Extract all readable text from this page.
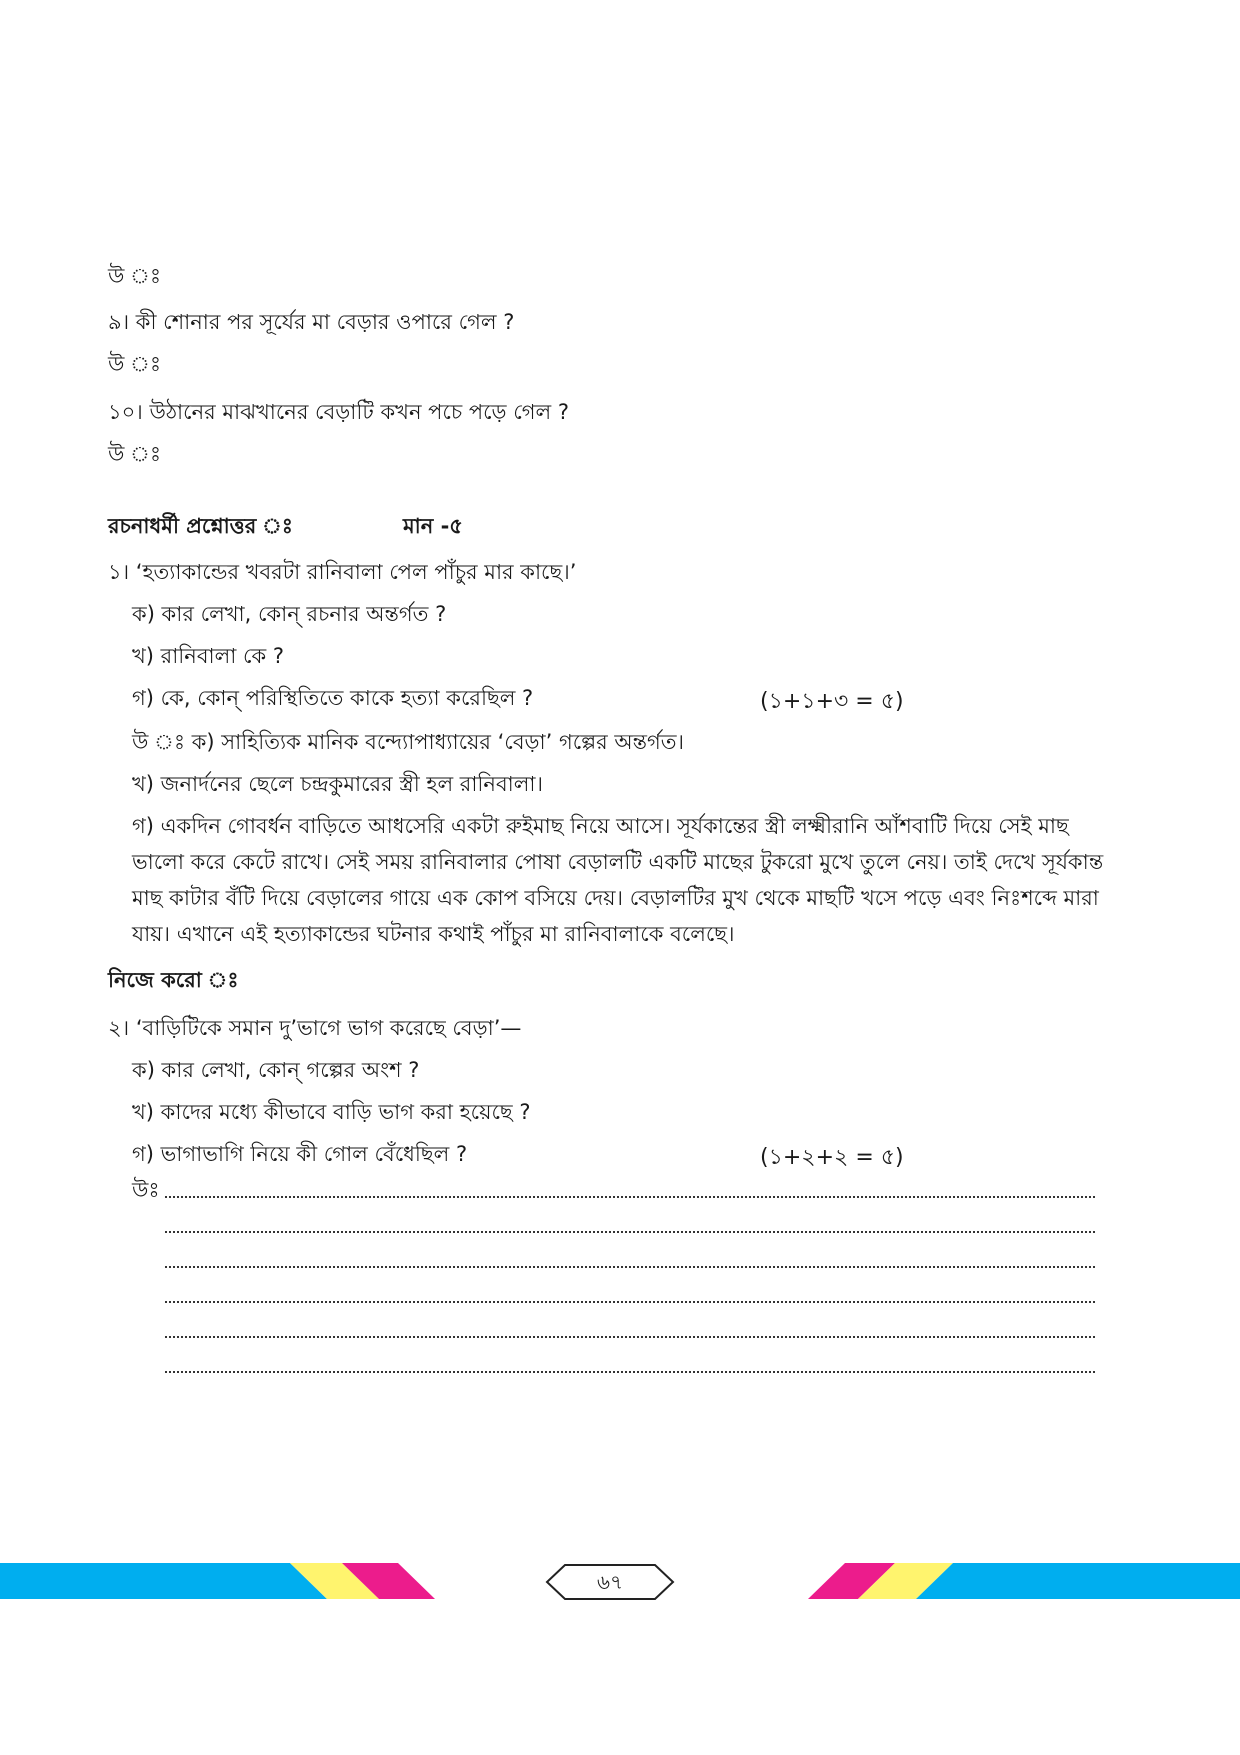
উ ঃ
৯। কী শোনার পর সূর্যের মা বেড়ার ওপারে গেল ?
উ ঃ
১০। উঠানের মাঝখানের বেড়াটি কখন পচে পড়ে গেল ?
উ ঃ
রচনাধর্মী প্রশ্নোত্তর ঃ	মান -৫
১। ‘হত্যাকান্ডের খবরটা রানিবালা পেল পাঁচুর মার কাছে।’
ক) কার লেখা, কোন্ রচনার অন্তর্গত ?
খ) রানিবালা কে ?
গ) কে, কোন্ পরিস্থিতিতে কাকে হত্যা করেছিল ?	(১+১+৩ = ৫)
উ ঃ ক) সাহিত্যিক মানিক বন্দ্যোপাধ্যায়ের ‘বেড়া’ গল্পের অন্তর্গত।
খ) জনার্দনের ছেলে চন্দ্রকুমারের স্ত্রী হল রানিবালা।
গ) একদিন গোবর্ধন বাড়িতে আধসেরি একটা রুইমাছ নিয়ে আসে। সূর্যকান্তের স্ত্রী লক্ষ্মীরানি আঁশবাটি দিয়ে সেই মাছ ভালো করে কেটে রাখে। সেই সময় রানিবালার পোষা বেড়ালটি একটি মাছের টুকরো মুখে তুলে নেয়। তাই দেখে সূর্যকান্ত মাছ কাটার বঁটি দিয়ে বেড়ালের গায়ে এক কোপ বসিয়ে দেয়। বেড়ালটির মুখ থেকে মাছটি খসে পড়ে এবং নিঃশব্দে মারা যায়। এখানে এই হত্যাকান্ডের ঘটনার কথাই পাঁচুর মা রানিবালাকে বলেছে।
নিজে করো ঃ
২। ‘বাড়িটিকে সমান দু’ভাগে ভাগ করেছে বেড়া’—
ক) কার লেখা, কোন্ গল্পের অংশ ?
খ) কাদের মধ্যে কীভাবে বাড়ি ভাগ করা হয়েছে ?
গ) ভাগাভাগি নিয়ে কী গোল বেঁধেছিল ?	(১+২+২ = ৫)
উঃ
৬৭
